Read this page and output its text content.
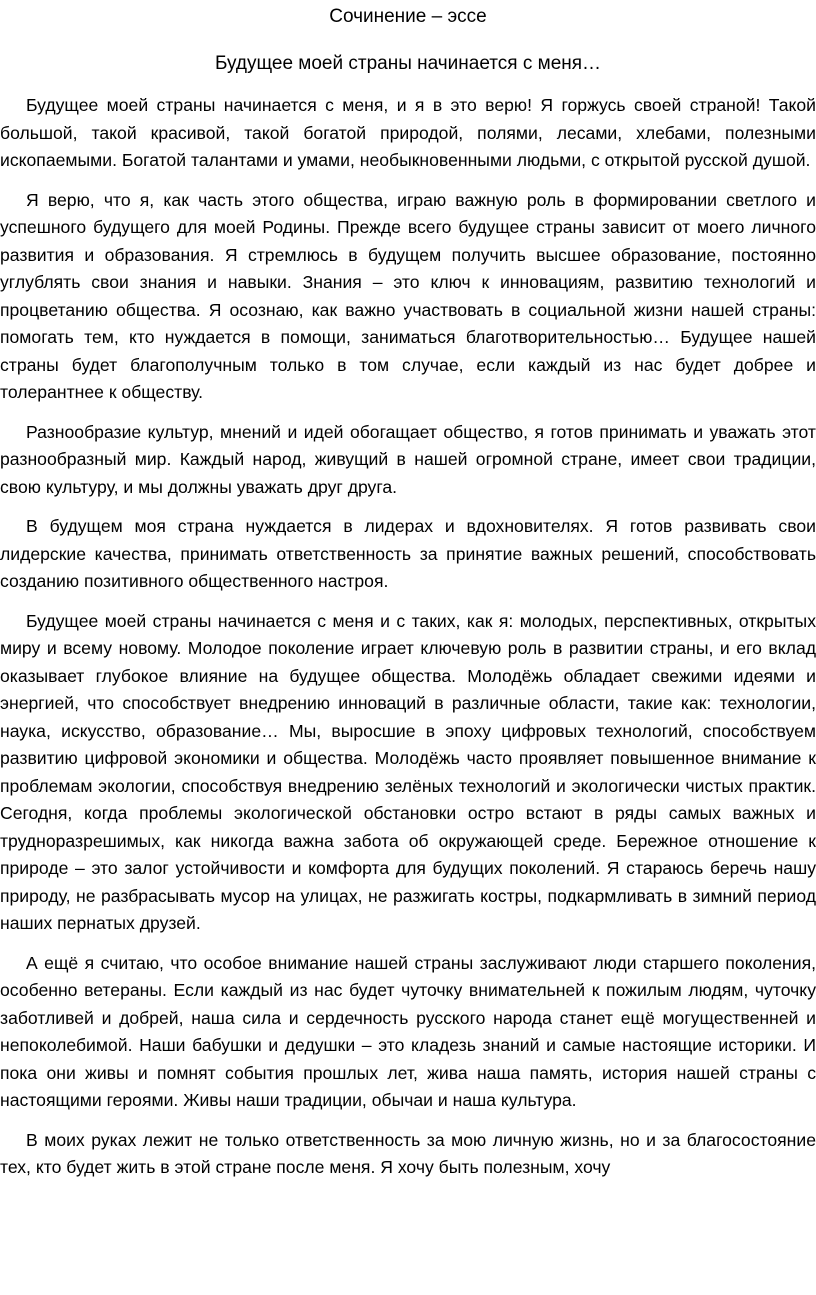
Сочинение – эссе
Будущее моей страны начинается с меня…

Будущее моей страны начинается с меня, и я в это верю! Я горжусь своей страной! Такой большой, такой красивой, такой богатой природой, полями, лесами, хлебами, полезными ископаемыми. Богатой талантами и умами, необыкновенными людьми, с открытой русской душой.

Я верю, что я, как часть этого общества, играю важную роль в формировании светлого и успешного будущего для моей Родины. Прежде всего будущее страны зависит от моего личного развития и образования. Я стремлюсь в будущем получить высшее образование, постоянно углублять свои знания и навыки. Знания – это ключ к инновациям, развитию технологий и процветанию общества. Я осознаю, как важно участвовать в социальной жизни нашей страны: помогать тем, кто нуждается в помощи, заниматься благотворительностью… Будущее нашей страны будет благополучным только в том случае, если каждый из нас будет добрее и толерантнее к обществу.

Разнообразие культур, мнений и идей обогащает общество, я готов принимать и уважать этот разнообразный мир. Каждый народ, живущий в нашей огромной стране, имеет свои традиции, свою культуру, и мы должны уважать друг друга.

В будущем моя страна нуждается в лидерах и вдохновителях. Я готов развивать свои лидерские качества, принимать ответственность за принятие важных решений, способствовать созданию позитивного общественного настроя.

Будущее моей страны начинается с меня и с таких, как я: молодых, перспективных, открытых миру и всему новому. Молодое поколение играет ключевую роль в развитии страны, и его вклад оказывает глубокое влияние на будущее общества. Молодёжь обладает свежими идеями и энергией, что способствует внедрению инноваций в различные области, такие как: технологии, наука, искусство, образование… Мы, выросшие в эпоху цифровых технологий, способствуем развитию цифровой экономики и общества. Молодёжь часто проявляет повышенное внимание к проблемам экологии, способствуя внедрению зелёных технологий и экологически чистых практик. Сегодня, когда проблемы экологической обстановки остро встают в ряды самых важных и трудноразрешимых, как никогда важна забота об окружающей среде. Бережное отношение к природе – это залог устойчивости и комфорта для будущих поколений. Я стараюсь беречь нашу природу, не разбрасывать мусор на улицах, не разжигать костры, подкармливать в зимний период наших пернатых друзей.

А ещё я считаю, что особое внимание нашей страны заслуживают люди старшего поколения, особенно ветераны. Если каждый из нас будет чуточку внимательней к пожилым людям, чуточку заботливей и добрей, наша сила и сердечность русского народа станет ещё могущественней и непоколебимой. Наши бабушки и дедушки – это кладезь знаний и самые настоящие историки. И пока они живы и помнят события прошлых лет, жива наша память, история нашей страны с настоящими героями. Живы наши традиции, обычаи и наша культура.

В моих руках лежит не только ответственность за мою личную жизнь, но и за благосостояние тех, кто будет жить в этой стране после меня. Я хочу быть полезным, хочу
